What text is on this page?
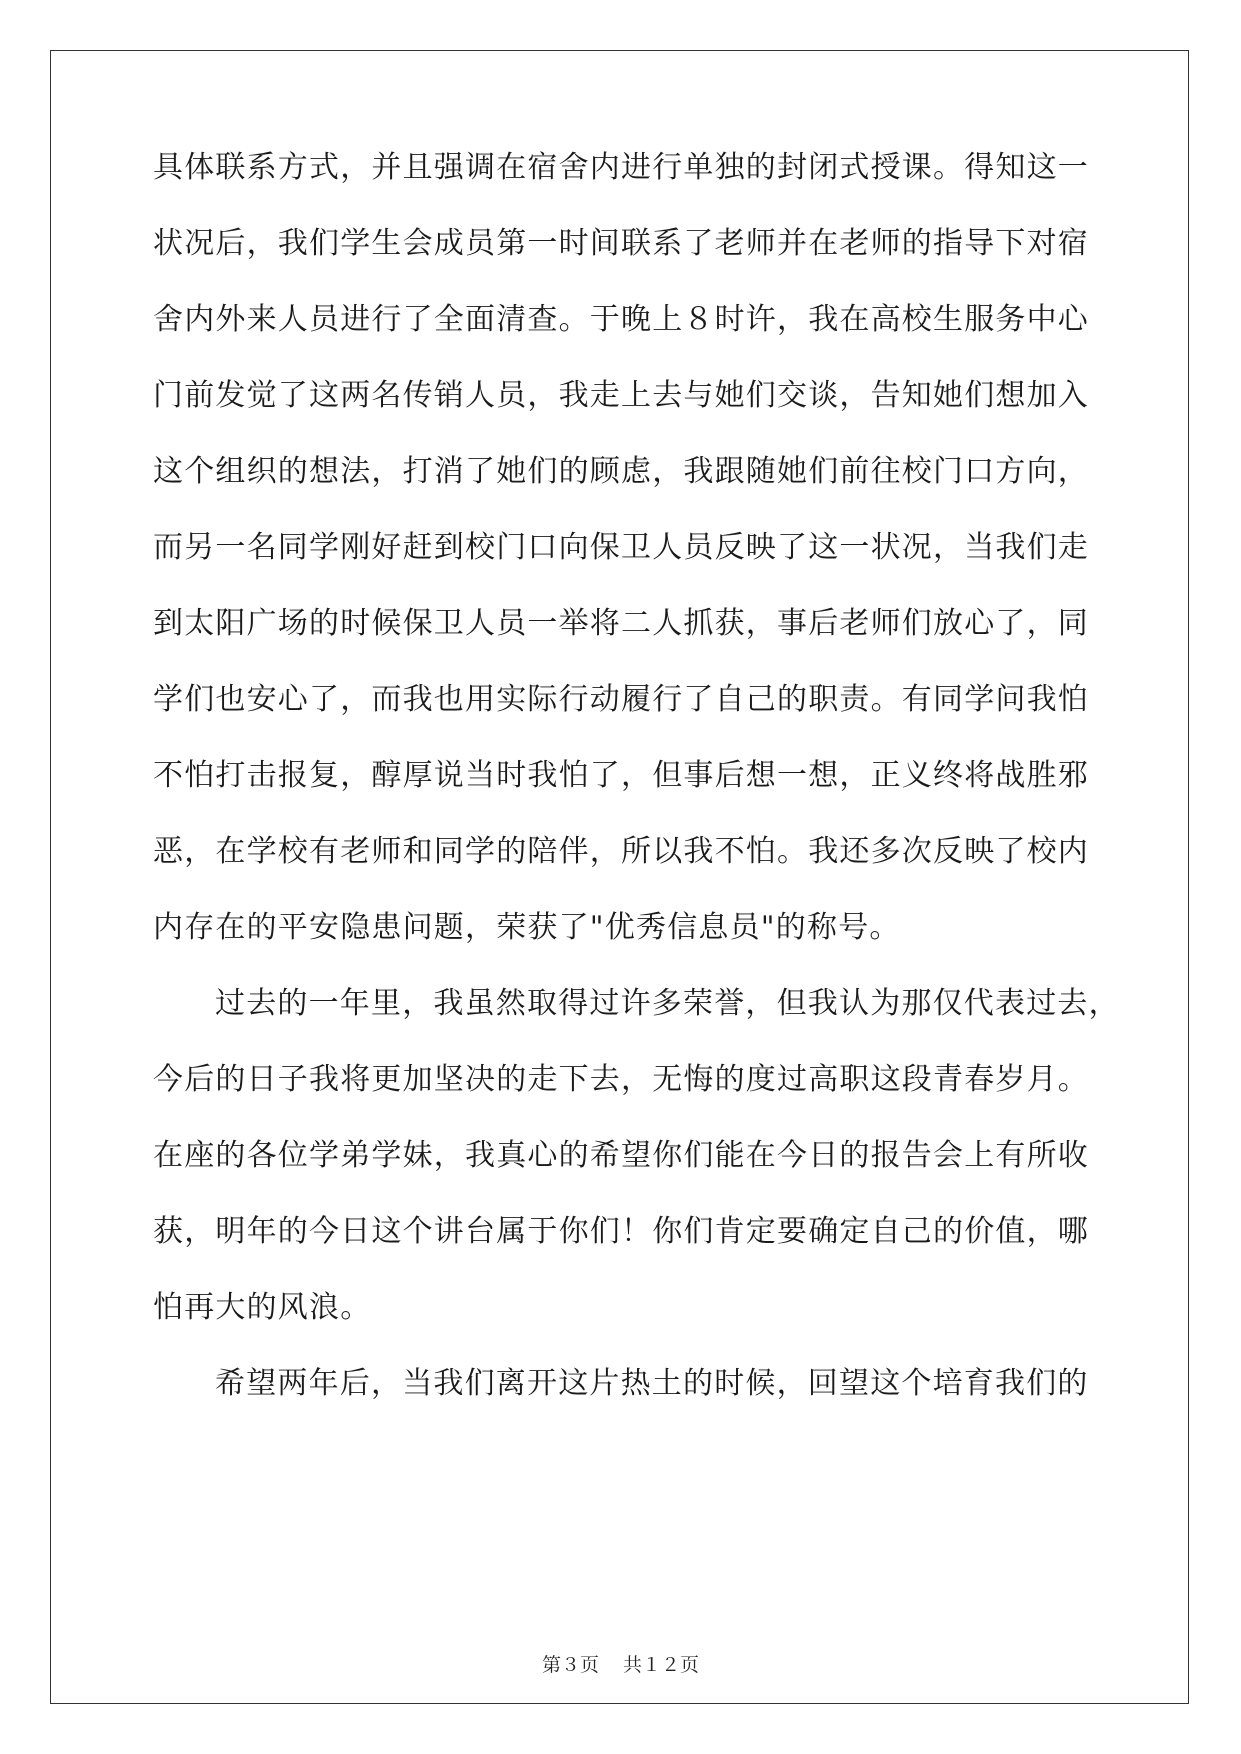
具体联系方式，并且强调在宿舍内进行单独的封闭式授课。得知这一
状况后，我们学生会成员第一时间联系了老师并在老师的指导下对宿
舍内外来人员进行了全面清查。于晚上８时许，我在高校生服务中心
门前发觉了这两名传销人员，我走上去与她们交谈，告知她们想加入
这个组织的想法，打消了她们的顾虑，我跟随她们前往校门口方向，
而另一名同学刚好赶到校门口向保卫人员反映了这一状况，当我们走
到太阳广场的时候保卫人员一举将二人抓获，事后老师们放心了，同
学们也安心了，而我也用实际行动履行了自己的职责。有同学问我怕
不怕打击报复，醇厚说当时我怕了，但事后想一想，正义终将战胜邪
恶，在学校有老师和同学的陪伴，所以我不怕。我还多次反映了校内
内存在的平安隐患问题，荣获了"优秀信息员"的称号。
过去的一年里，我虽然取得过许多荣誉，但我认为那仅代表过去，
今后的日子我将更加坚决的走下去，无悔的度过高职这段青春岁月。
在座的各位学弟学妹，我真心的希望你们能在今日的报告会上有所收
获，明年的今日这个讲台属于你们！你们肯定要确定自己的价值，哪
怕再大的风浪。
希望两年后，当我们离开这片热土的时候，回望这个培育我们的
第３页 共１２页
